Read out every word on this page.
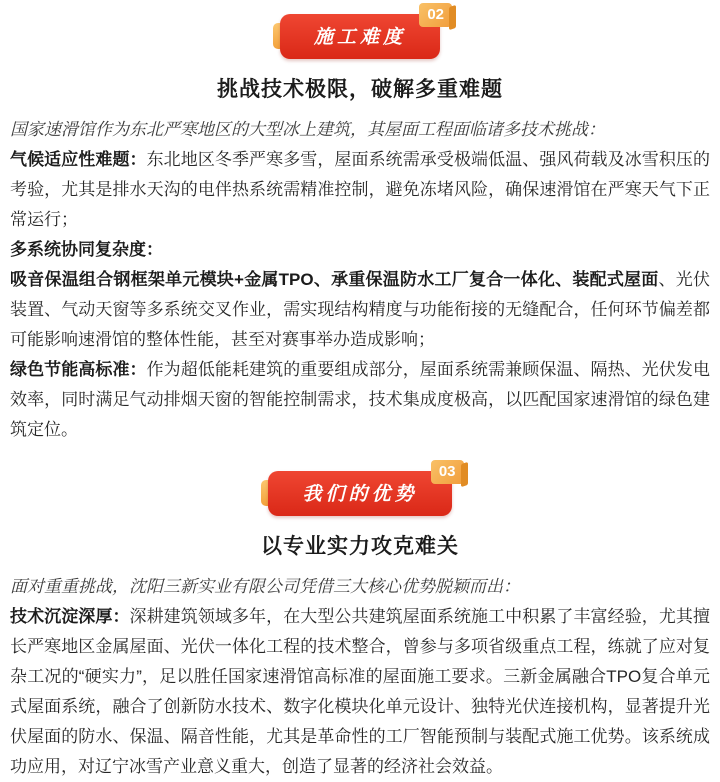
施工难度
02
挑战技术极限，破解多重难题

国家速滑馆作为东北严寒地区的大型冰上建筑，其屋面工程面临诸多技术挑战：

气候适应性难题：东北地区冬季严寒多雪，屋面系统需承受极端低温、强风荷载及冰雪积压的考验，尤其是排水天沟的电伴热系统需精准控制，避免冻堵风险，确保速滑馆在严寒天气下正常运行；

多系统协同复杂度：

吸音保温组合钢框架单元模块+金属TPO、承重保温防水工厂复合一体化、装配式屋面、光伏装置、气动天窗等多系统交叉作业，需实现结构精度与功能衔接的无缝配合，任何环节偏差都可能影响速滑馆的整体性能，甚至对赛事举办造成影响；

绿色节能高标准：作为超低能耗建筑的重要组成部分，屋面系统需兼顾保温、隔热、光伏发电效率，同时满足气动排烟天窗的智能控制需求，技术集成度极高，以匹配国家速滑馆的绿色建筑定位。

我们的优势
03
以专业实力攻克难关

面对重重挑战，沈阳三新实业有限公司凭借三大核心优势脱颖而出：

技术沉淀深厚：深耕建筑领域多年，在大型公共建筑屋面系统施工中积累了丰富经验，尤其擅长严寒地区金属屋面、光伏一体化工程的技术整合，曾参与多项省级重点工程，练就了应对复杂工况的“硬实力”，足以胜任国家速滑馆高标准的屋面施工要求。三新金属融合TPO复合单元式屋面系统，融合了创新防水技术、数字化模块化单元设计、独特光伏连接机构，显著提升光伏屋面的防水、保温、隔音性能，尤其是革命性的工厂智能预制与装配式施工优势。该系统成功应用，对辽宁冰雪产业意义重大，创造了显著的经济社会效益。
